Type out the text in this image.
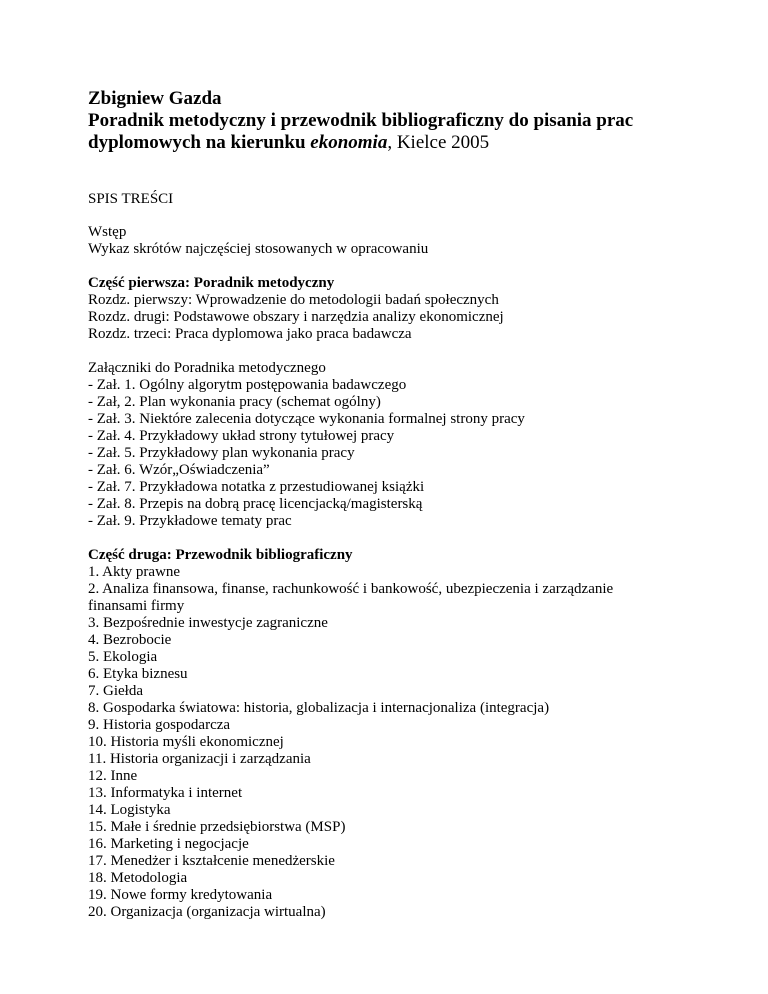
Zbigniew Gazda
Poradnik metodyczny i przewodnik bibliograficzny do pisania prac
dyplomowych na kierunku ekonomia, Kielce 2005
SPIS TREŚCI
Wstęp
Wykaz skrótów najczęściej stosowanych w opracowaniu
Część pierwsza: Poradnik metodyczny
Rozdz. pierwszy: Wprowadzenie do metodologii badań społecznych
Rozdz. drugi: Podstawowe obszary i narzędzia analizy ekonomicznej
Rozdz. trzeci: Praca dyplomowa jako praca badawcza
Załączniki do Poradnika metodycznego
- Zał. 1. Ogólny algorytm postępowania badawczego
- Zał, 2. Plan wykonania pracy (schemat ogólny)
- Zał. 3. Niektóre zalecenia dotyczące wykonania formalnej strony pracy
- Zał. 4. Przykładowy układ strony tytułowej pracy
- Zał. 5. Przykładowy plan wykonania pracy
- Zał. 6. Wzór„Oświadczenia”
- Zał. 7. Przykładowa notatka z przestudiowanej książki
- Zał. 8. Przepis na dobrą pracę licencjacką/magisterską
- Zał. 9. Przykładowe tematy prac
Część druga: Przewodnik bibliograficzny
1. Akty prawne
2. Analiza finansowa, finanse, rachunkowość i bankowość, ubezpieczenia i zarządzanie
finansami firmy
3. Bezpośrednie inwestycje zagraniczne
4. Bezrobocie
5. Ekologia
6. Etyka biznesu
7. Giełda
8. Gospodarka światowa: historia, globalizacja i internacjonaliza (integracja)
9. Historia gospodarcza
10. Historia myśli ekonomicznej
11. Historia organizacji i zarządzania
12. Inne
13. Informatyka i internet
14. Logistyka
15. Małe i średnie przedsiębiorstwa (MSP)
16. Marketing i negocjacje
17. Menedżer i kształcenie menedżerskie
18. Metodologia
19. Nowe formy kredytowania
20. Organizacja (organizacja wirtualna)
